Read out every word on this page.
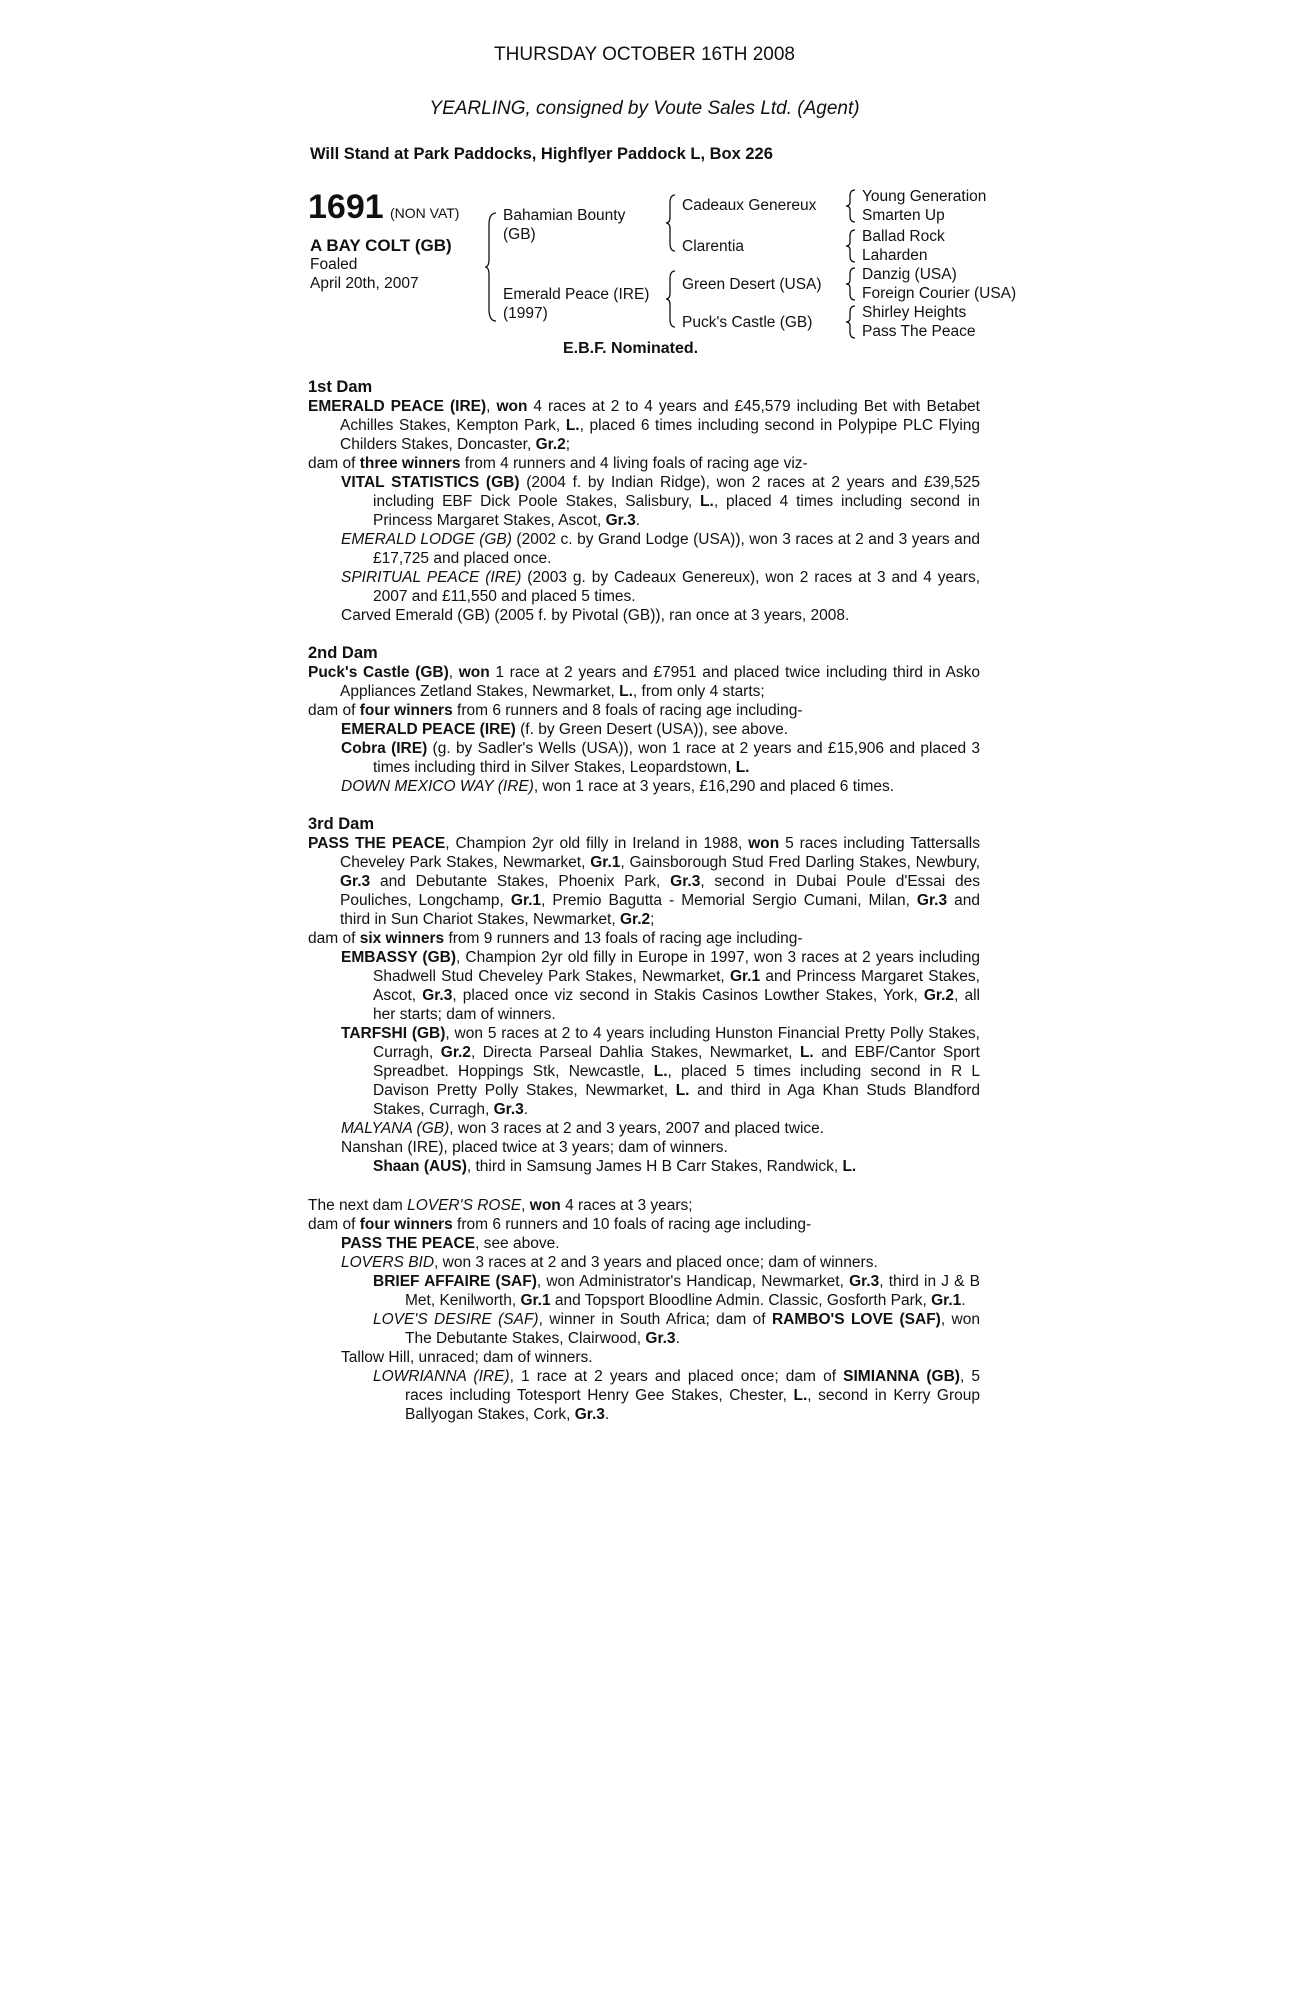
THURSDAY OCTOBER 16TH 2008
YEARLING, consigned by Voute Sales Ltd. (Agent)
Will Stand at Park Paddocks, Highflyer Paddock L, Box 226
1691 (NON VAT)
A BAY COLT (GB)
Foaled
April 20th, 2007
Bahamian Bounty
(GB)
Emerald Peace (IRE)
(1997)
Cadeaux Genereux
Clarentia
Green Desert (USA)
Puck's Castle (GB)
Young Generation
Smarten Up
Ballad Rock
Laharden
Danzig (USA)
Foreign Courier (USA)
Shirley Heights
Pass The Peace
E.B.F. Nominated.
1st Dam

EMERALD PEACE (IRE), won 4 races at 2 to 4 years and £45,579 including Bet with Betabet Achilles Stakes, Kempton Park, L., placed 6 times including second in Polypipe PLC Flying Childers Stakes, Doncaster, Gr.2;

dam of three winners from 4 runners and 4 living foals of racing age viz-

VITAL STATISTICS (GB) (2004 f. by Indian Ridge), won 2 races at 2 years and £39,525 including EBF Dick Poole Stakes, Salisbury, L., placed 4 times including second in Princess Margaret Stakes, Ascot, Gr.3.

EMERALD LODGE (GB) (2002 c. by Grand Lodge (USA)), won 3 races at 2 and 3 years and £17,725 and placed once.

SPIRITUAL PEACE (IRE) (2003 g. by Cadeaux Genereux), won 2 races at 3 and 4 years, 2007 and £11,550 and placed 5 times.

Carved Emerald (GB) (2005 f. by Pivotal (GB)), ran once at 3 years, 2008.

2nd Dam

Puck's Castle (GB), won 1 race at 2 years and £7951 and placed twice including third in Asko Appliances Zetland Stakes, Newmarket, L., from only 4 starts;

dam of four winners from 6 runners and 8 foals of racing age including-

EMERALD PEACE (IRE) (f. by Green Desert (USA)), see above.

Cobra (IRE) (g. by Sadler's Wells (USA)), won 1 race at 2 years and £15,906 and placed 3 times including third in Silver Stakes, Leopardstown, L.

DOWN MEXICO WAY (IRE), won 1 race at 3 years, £16,290 and placed 6 times.

3rd Dam

PASS THE PEACE, Champion 2yr old filly in Ireland in 1988, won 5 races including Tattersalls Cheveley Park Stakes, Newmarket, Gr.1, Gainsborough Stud Fred Darling Stakes, Newbury, Gr.3 and Debutante Stakes, Phoenix Park, Gr.3, second in Dubai Poule d'Essai des Pouliches, Longchamp, Gr.1, Premio Bagutta - Memorial Sergio Cumani, Milan, Gr.3 and third in Sun Chariot Stakes, Newmarket, Gr.2;

dam of six winners from 9 runners and 13 foals of racing age including-

EMBASSY (GB), Champion 2yr old filly in Europe in 1997, won 3 races at 2 years including Shadwell Stud Cheveley Park Stakes, Newmarket, Gr.1 and Princess Margaret Stakes, Ascot, Gr.3, placed once viz second in Stakis Casinos Lowther Stakes, York, Gr.2, all her starts; dam of winners.

TARFSHI (GB), won 5 races at 2 to 4 years including Hunston Financial Pretty Polly Stakes, Curragh, Gr.2, Directa Parseal Dahlia Stakes, Newmarket, L. and EBF/Cantor Sport Spreadbet. Hoppings Stk, Newcastle, L., placed 5 times including second in R L Davison Pretty Polly Stakes, Newmarket, L. and third in Aga Khan Studs Blandford Stakes, Curragh, Gr.3.

MALYANA (GB), won 3 races at 2 and 3 years, 2007 and placed twice.

Nanshan (IRE), placed twice at 3 years; dam of winners.

Shaan (AUS), third in Samsung James H B Carr Stakes, Randwick, L.

The next dam LOVER'S ROSE, won 4 races at 3 years;

dam of four winners from 6 runners and 10 foals of racing age including-

PASS THE PEACE, see above.

LOVERS BID, won 3 races at 2 and 3 years and placed once; dam of winners.

BRIEF AFFAIRE (SAF), won Administrator's Handicap, Newmarket, Gr.3, third in J & B Met, Kenilworth, Gr.1 and Topsport Bloodline Admin. Classic, Gosforth Park, Gr.1.

LOVE'S DESIRE (SAF), winner in South Africa; dam of RAMBO'S LOVE (SAF), won The Debutante Stakes, Clairwood, Gr.3.

Tallow Hill, unraced; dam of winners.

LOWRIANNA (IRE), 1 race at 2 years and placed once; dam of SIMIANNA (GB), 5 races including Totesport Henry Gee Stakes, Chester, L., second in Kerry Group Ballyogan Stakes, Cork, Gr.3.
